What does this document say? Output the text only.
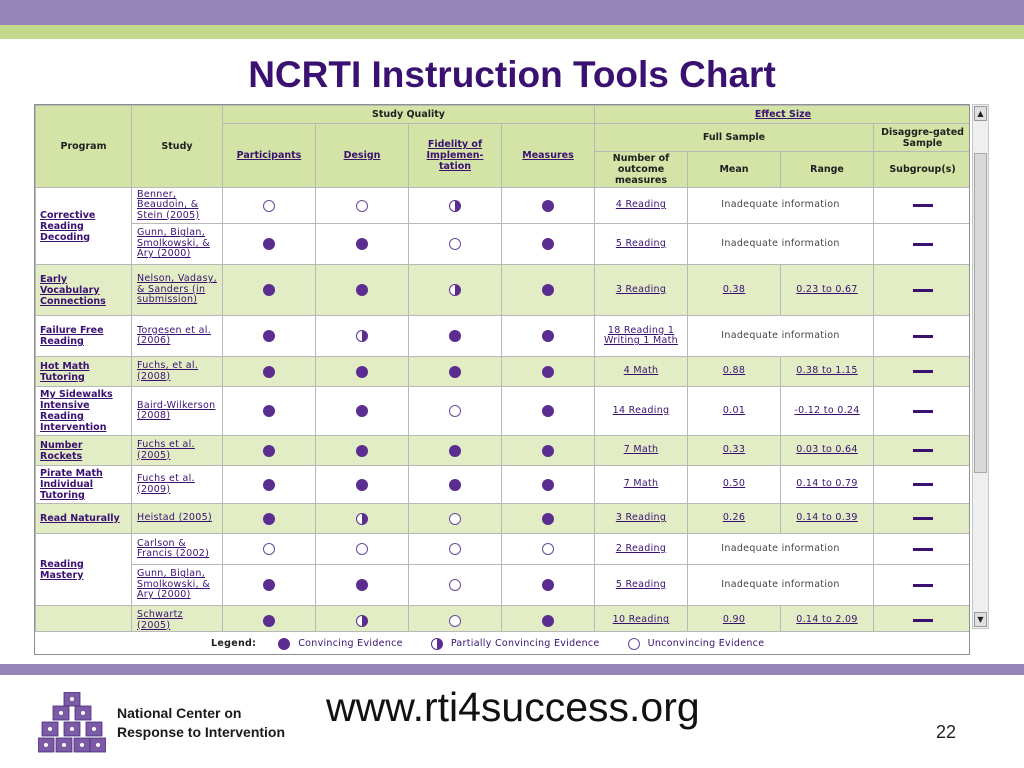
NCRTI Instruction Tools Chart
Program	Study	Study Quality				Effect Size			
		Participants	Design	Fidelity of Implemen-tation	Measures	Full Sample			Disaggre-gated Sample
						Number of outcome measures	Mean	Range	Subgroup(s)
Corrective Reading Decoding	Benner, Beaudoin, & Stein (2005)					4 Reading	Inadequate information		
	Gunn, Biglan, Smolkowski, & Ary (2000)					5 Reading	Inadequate information		
Early Vocabulary Connections	Nelson, Vadasy, & Sanders (in submission)					3 Reading	0.38	0.23 to 0.67	
Failure Free Reading	Torgesen et al. (2006)					18 Reading 1 Writing 1 Math	Inadequate information		
Hot Math Tutoring	Fuchs, et al. (2008)					4 Math	0.88	0.38 to 1.15	
My Sidewalks Intensive Reading Intervention	Baird-Wilkerson (2008)					14 Reading	0.01	-0.12 to 0.24	
Number Rockets	Fuchs et al. (2005)					7 Math	0.33	0.03 to 0.64	
Pirate Math Individual Tutoring	Fuchs et al. (2009)					7 Math	0.50	0.14 to 0.79	
Read Naturally	Heistad (2005)					3 Reading	0.26	0.14 to 0.39	
Reading Mastery	Carlson & Francis (2002)					2 Reading	Inadequate information		
	Gunn, Biglan, Smolkowski, & Ary (2000)					5 Reading	Inadequate information		
	Schwartz (2005)					10 Reading	0.90	0.14 to 2.09	
Legend:	Convincing Evidence	Partially Convincing Evidence	Unconvincing Evidence
▲
▼
National Center on
Response to Intervention
www.rti4success.org
22
